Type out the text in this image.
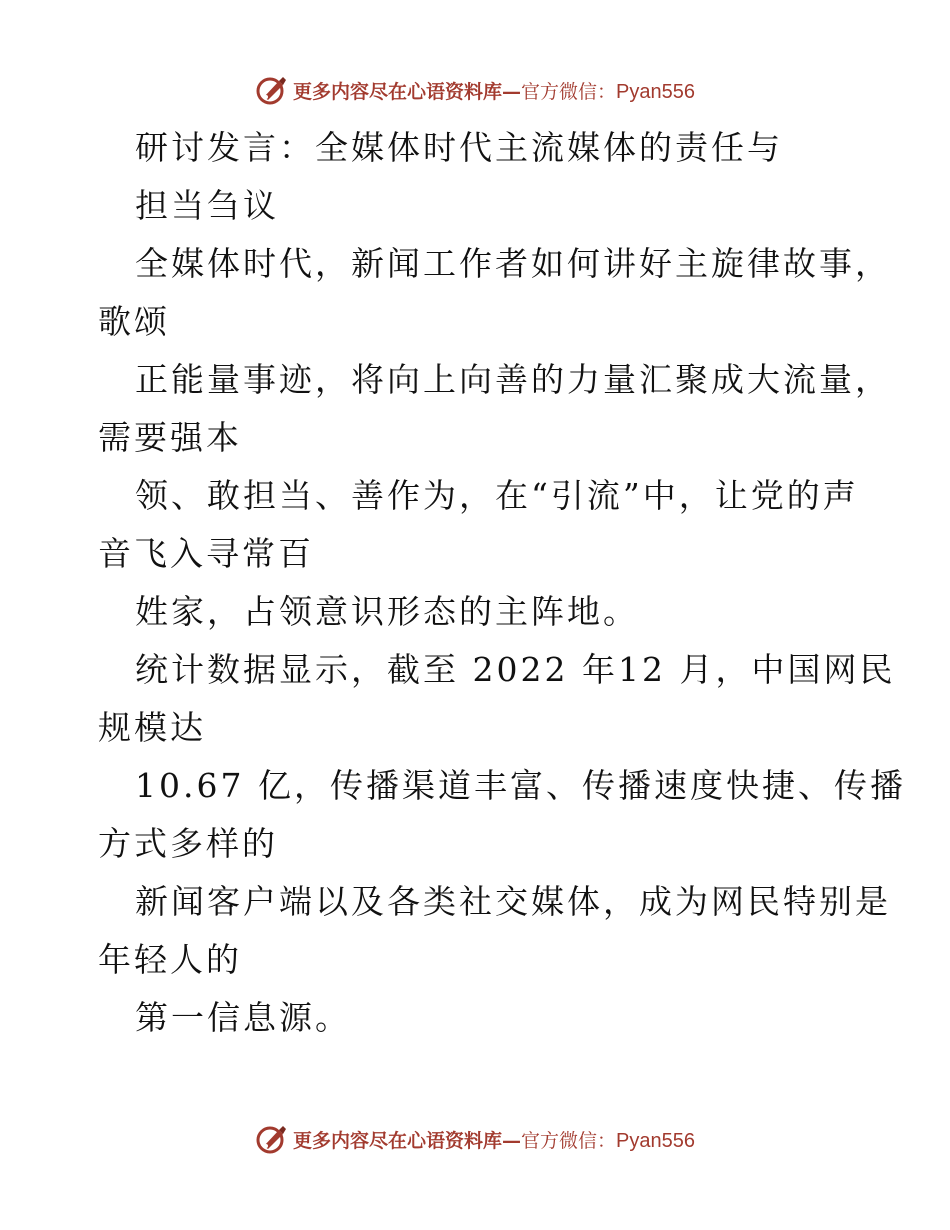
更多内容尽在心语资料库—官方微信：Pyan556
研讨发言：全媒体时代主流媒体的责任与
担当刍议
全媒体时代，新闻工作者如何讲好主旋律故事，
歌颂
正能量事迹，将向上向善的力量汇聚成大流量，
需要强本
领、敢担当、善作为，在“引流”中，让党的声
音飞入寻常百
姓家，占领意识形态的主阵地。
统计数据显示，截至 2022 年12 月，中国网民
规模达
10.67 亿，传播渠道丰富、传播速度快捷、传播
方式多样的
新闻客户端以及各类社交媒体，成为网民特别是
年轻人的
第一信息源。
更多内容尽在心语资料库—官方微信：Pyan556
